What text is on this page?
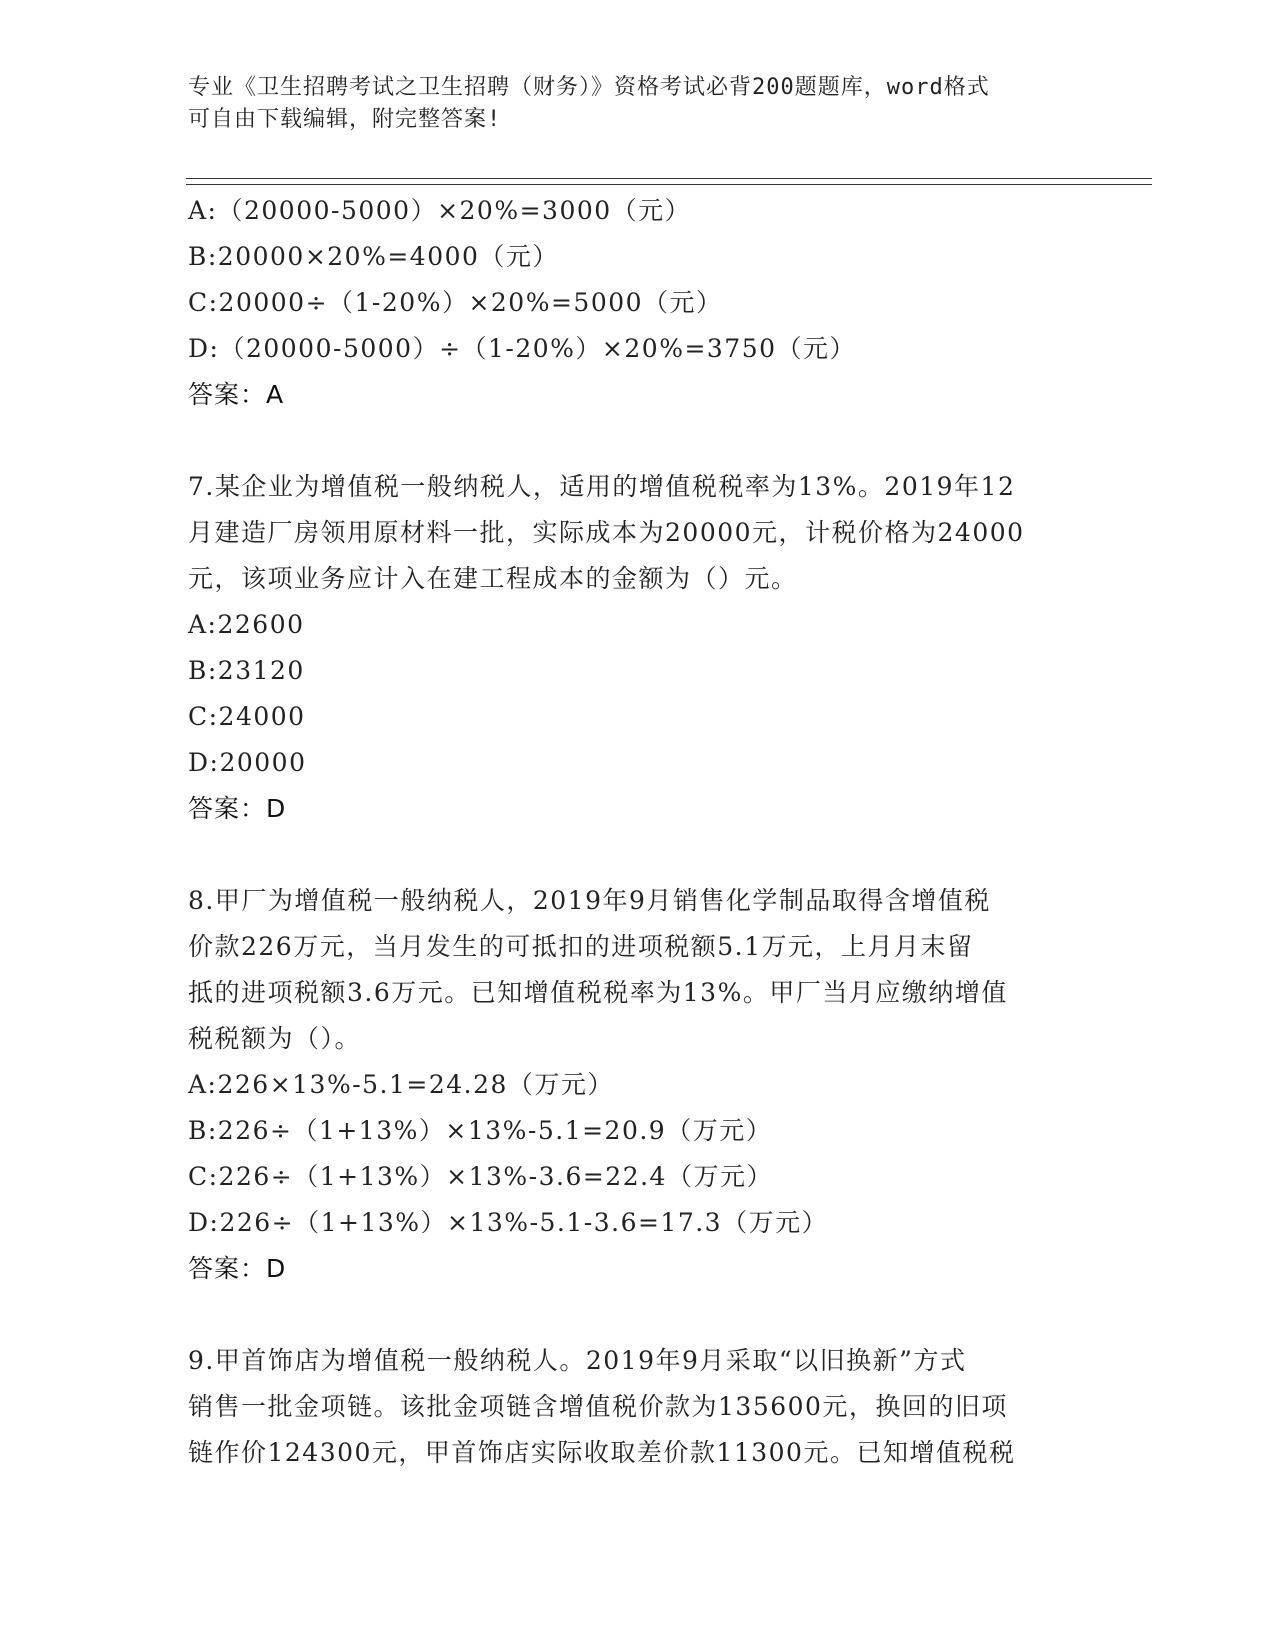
专业《卫生招聘考试之卫生招聘（财务）》资格考试必背200题题库，word格式
可自由下载编辑，附完整答案!
A:（20000-5000）×20%=3000（元）
B:20000×20%=4000（元）
C:20000÷（1-20%）×20%=5000（元）
D:（20000-5000）÷（1-20%）×20%=3750（元）
答案：A
7.某企业为增值税一般纳税人，适用的增值税税率为13%。2019年12
月建造厂房领用原材料一批，实际成本为20000元，计税价格为24000
元，该项业务应计入在建工程成本的金额为（）元。
A:22600
B:23120
C:24000
D:20000
答案：D
8.甲厂为增值税一般纳税人，2019年9月销售化学制品取得含增值税
价款226万元，当月发生的可抵扣的进项税额5.1万元，上月月末留
抵的进项税额3.6万元。已知增值税税率为13%。甲厂当月应缴纳增值
税税额为（）。
A:226×13%-5.1=24.28（万元）
B:226÷（1+13%）×13%-5.1=20.9（万元）
C:226÷（1+13%）×13%-3.6=22.4（万元）
D:226÷（1+13%）×13%-5.1-3.6=17.3（万元）
答案：D
9.甲首饰店为增值税一般纳税人。2019年9月采取“以旧换新”方式
销售一批金项链。该批金项链含增值税价款为135600元，换回的旧项
链作价124300元，甲首饰店实际收取差价款11300元。已知增值税税
